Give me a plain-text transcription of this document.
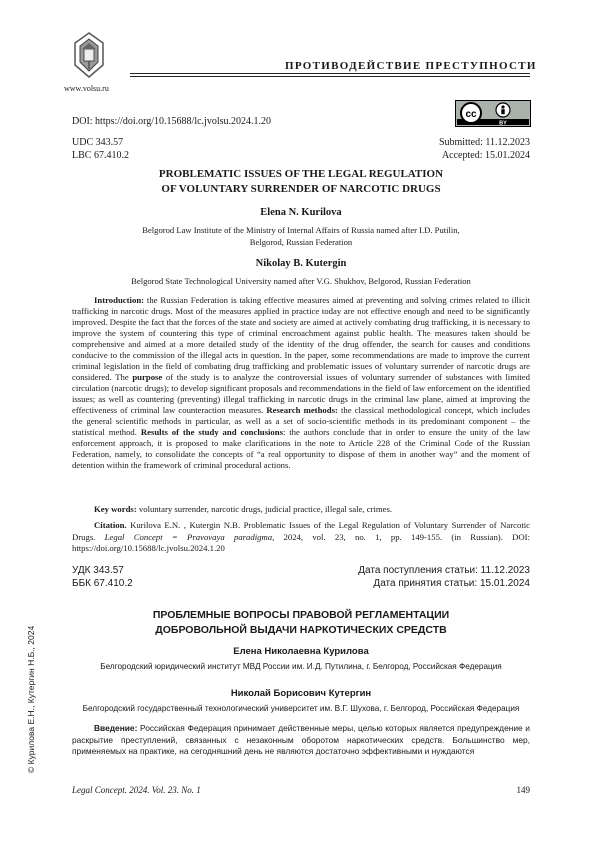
www.volsu.ru
ПРОТИВОДЕЙСТВИЕ ПРЕСТУПНОСТИ
DOI: https://doi.org/10.15688/lc.jvolsu.2024.1.20
cc
BY
UDC 343.57
LBC 67.410.2
Submitted: 11.12.2023
Accepted: 15.01.2024
PROBLEMATIC ISSUES OF THE LEGAL REGULATION
OF VOLUNTARY SURRENDER OF NARCOTIC DRUGS
Elena N. Kurilova
Belgorod Law Institute of the Ministry of Internal Affairs of Russia named after I.D. Putilin,
Belgorod, Russian Federation
Nikolay B. Kutergin
Belgorod State Technological University named after V.G. Shukhov, Belgorod, Russian Federation

Introduction: the Russian Federation is taking effective measures aimed at preventing and solving crimes related to illicit trafficking in narcotic drugs. Most of the measures applied in practice today are not effective enough and need to be significantly improved. Despite the fact that the forces of the state and society are aimed at actively combating drug trafficking, it is necessary to improve the system of countering this type of criminal encroachment against public health. The measures taken should be comprehensive and aimed at a more detailed study of the identity of the drug offender, the search for causes and conditions conducive to the commission of the illegal acts in question. In the paper, some recommendations are made to improve the current criminal legislation in the field of combating drug trafficking and problematic issues of voluntary surrender of narcotic drugs are considered. The purpose of the study is to analyze the controversial issues of voluntary surrender of substances with limited circulation (narcotic drugs); to develop significant proposals and recommendations in the field of law enforcement on the identified issues; as well as countering (preventing) illegal trafficking in narcotic drugs in the criminal law plane, aimed at improving the effectiveness of criminal law counteraction measures. Research methods: the classical methodological concept, which includes the general scientific methods in particular, as well as a set of socio-scientific methods in its predominant component – the statistical method. Results of the study and conclusions: the authors conclude that in order to ensure the unity of the law enforcement approach, it is proposed to make clarifications in the note to Article 228 of the Criminal Code of the Russian Federation, namely, to consolidate the concepts of “a real opportunity to dispose of them in another way” and the moment of detention within the framework of criminal procedural actions.

Key words: voluntary surrender, narcotic drugs, judicial practice, illegal sale, crimes.

Citation. Kurilova E.N. , Kutergin N.B. Problematic Issues of the Legal Regulation of Voluntary Surrender of Narcotic Drugs. Legal Concept = Pravovaya paradigma, 2024, vol. 23, no. 1, pp. 149-155. (in Russian). DOI: https://doi.org/10.15688/lc.jvolsu.2024.1.20

УДК 343.57
ББК 67.410.2
Дата поступления статьи: 11.12.2023
Дата принятия статьи: 15.01.2024
ПРОБЛЕМНЫЕ ВОПРОСЫ ПРАВОВОЙ РЕГЛАМЕНТАЦИИ
ДОБРОВОЛЬНОЙ ВЫДАЧИ НАРКОТИЧЕСКИХ СРЕДСТВ
Елена Николаевна Курилова
Белгородский юридический институт МВД России им. И.Д. Путилина, г. Белгород, Российская Федерация
Николай Борисович Кутергин
Белгородский государственный технологический университет им. В.Г. Шухова, г. Белгород, Российская Федерация

Введение: Российская Федерация принимает действенные меры, целью которых является предупреждение и раскрытие преступлений, связанных с незаконным оборотом наркотических средств. Большинство мер, применяемых на практике, на сегодняшний день не являются достаточно эффективными и нуждаются

© Курилова Е.Н., Кутергин Н.Б., 2024
Legal Concept. 2024. Vol. 23. No. 1	149
